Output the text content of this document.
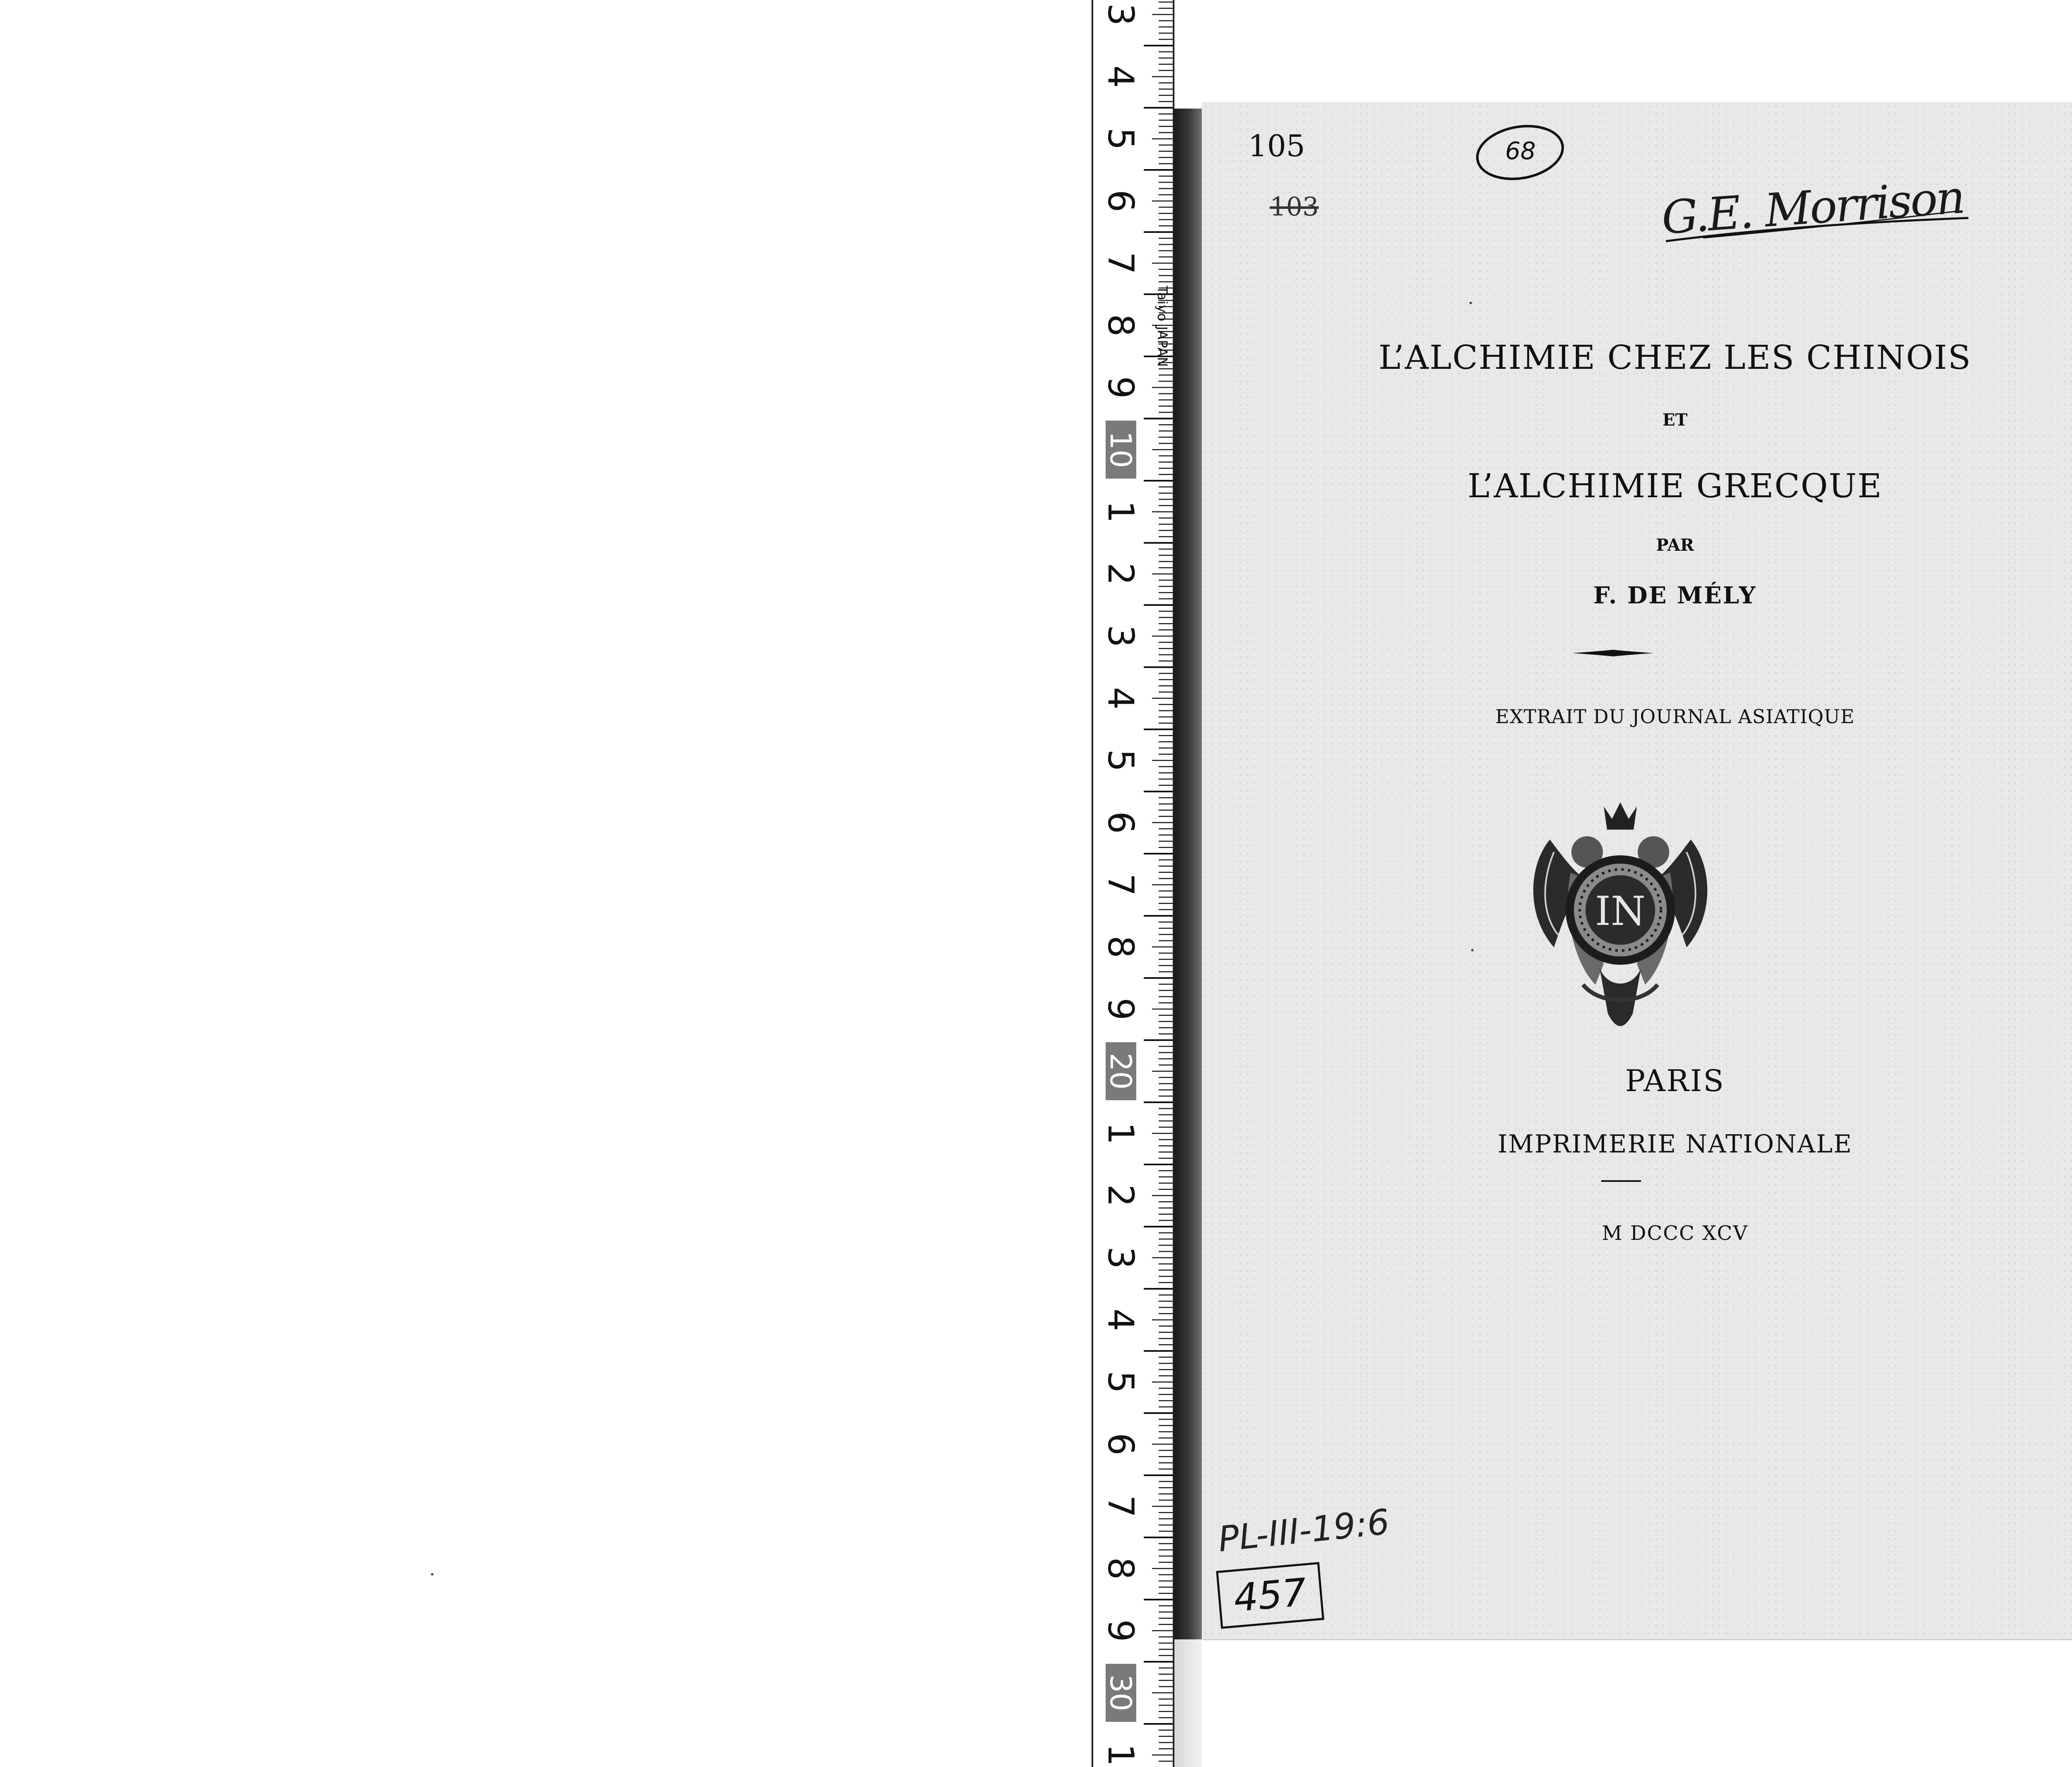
3
4
5
6
7
8
9
10
1
2
3
4
5
6
7
8
9
20
1
2
3
4
5
6
7
8
9
30
1
Taiyo JAPAN
105
103
68
G.E. Morrison
L’ALCHIMIE CHEZ LES CHINOIS
ET
L’ALCHIMIE GRECQUE
PAR
F. DE MÉLY
EXTRAIT DU JOURNAL ASIATIQUE
IN
PARIS
IMPRIMERIE NATIONALE
M DCCC XCV
PL-III-19:6
457
